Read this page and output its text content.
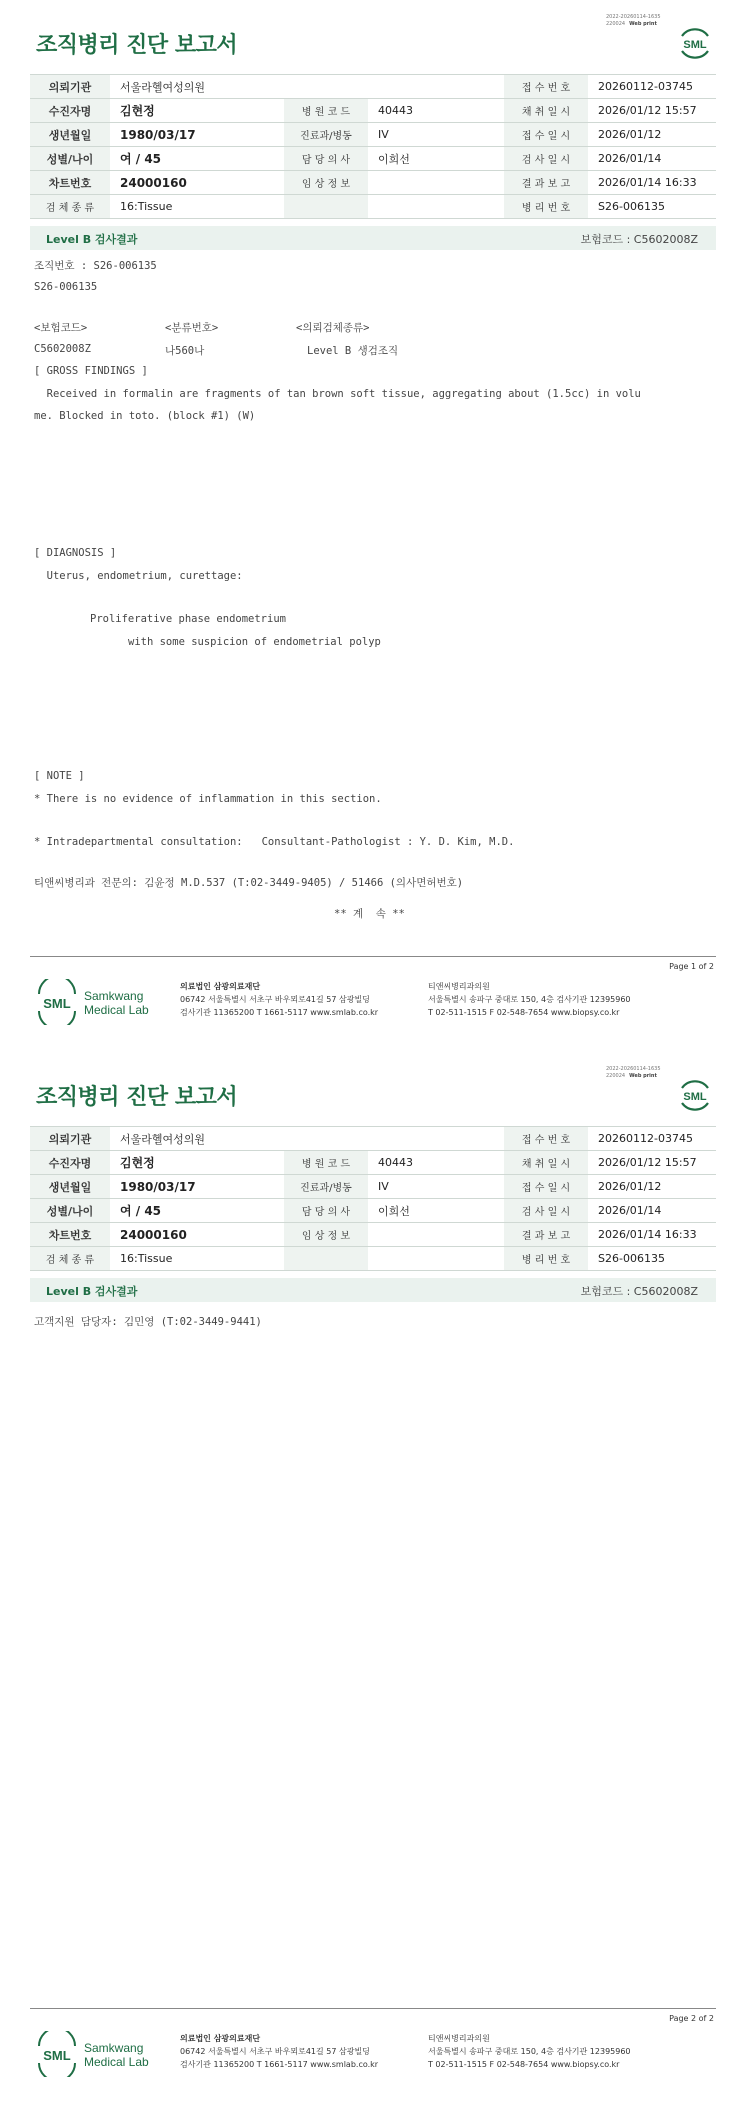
2022-20260114-1635
220024 Web print
조직병리 진단 보고서	SML
의뢰기관	서울라헬여성의원			접 수 번 호	20260112-03745
수진자명	김현정	병 원 코 드	40443	채 취 일 시	2026/01/12 15:57
생년월일	1980/03/17	진료과/병동	IV	접 수 일 시	2026/01/12
성별/나이	여 / 45	담 당 의 사	이희선	검 사 일 시	2026/01/14
차트번호	24000160	임 상 정 보		결 과 보 고	2026/01/14 16:33
검 체 종 류	16:Tissue			병 리 번 호	S26-006135
Level B 검사결과	보험코드 : C5602008Z
조직번호 : S26-006135
S26-006135
<보험코드>	<분류번호>	<의뢰검체종류>
C5602008Z	나560나	Level B 생검조직
[ GROSS FINDINGS ]
Received in formalin are fragments of tan brown soft tissue, aggregating about (1.5cc) in volu
me. Blocked in toto. (block #1) (W)
[ DIAGNOSIS ]
Uterus, endometrium, curettage:
Proliferative phase endometrium
with some suspicion of endometrial polyp
[ NOTE ]
* There is no evidence of inflammation in this section.
* Intradepartmental consultation:   Consultant-Pathologist : Y. D. Kim, M.D.
티앤씨병리과 전문의: 김윤정 M.D.537 (T:02-3449-9405) / 51466 (의사면허번호)
** 계  속 **
Page 1 of 2
SML Samkwang
Medical Lab
의료법인 삼광의료재단
06742 서울특별시 서초구 바우뫼로41길 57 삼광빌딩
검사기관 11365200 T 1661-5117 www.smlab.co.kr
티앤씨병리과의원
서울특별시 송파구 중대로 150, 4층 검사기관 12395960
T 02-511-1515 F 02-548-7654 www.biopsy.co.kr
2022-20260114-1635
220024 Web print
조직병리 진단 보고서	SML
의뢰기관	서울라헬여성의원			접 수 번 호	20260112-03745
수진자명	김현정	병 원 코 드	40443	채 취 일 시	2026/01/12 15:57
생년월일	1980/03/17	진료과/병동	IV	접 수 일 시	2026/01/12
성별/나이	여 / 45	담 당 의 사	이희선	검 사 일 시	2026/01/14
차트번호	24000160	임 상 정 보		결 과 보 고	2026/01/14 16:33
검 체 종 류	16:Tissue			병 리 번 호	S26-006135
Level B 검사결과	보험코드 : C5602008Z
고객지원 담당자: 김민영 (T:02-3449-9441)
Page 2 of 2
SML Samkwang
Medical Lab
의료법인 삼광의료재단
06742 서울특별시 서초구 바우뫼로41길 57 삼광빌딩
검사기관 11365200 T 1661-5117 www.smlab.co.kr
티앤씨병리과의원
서울특별시 송파구 중대로 150, 4층 검사기관 12395960
T 02-511-1515 F 02-548-7654 www.biopsy.co.kr
